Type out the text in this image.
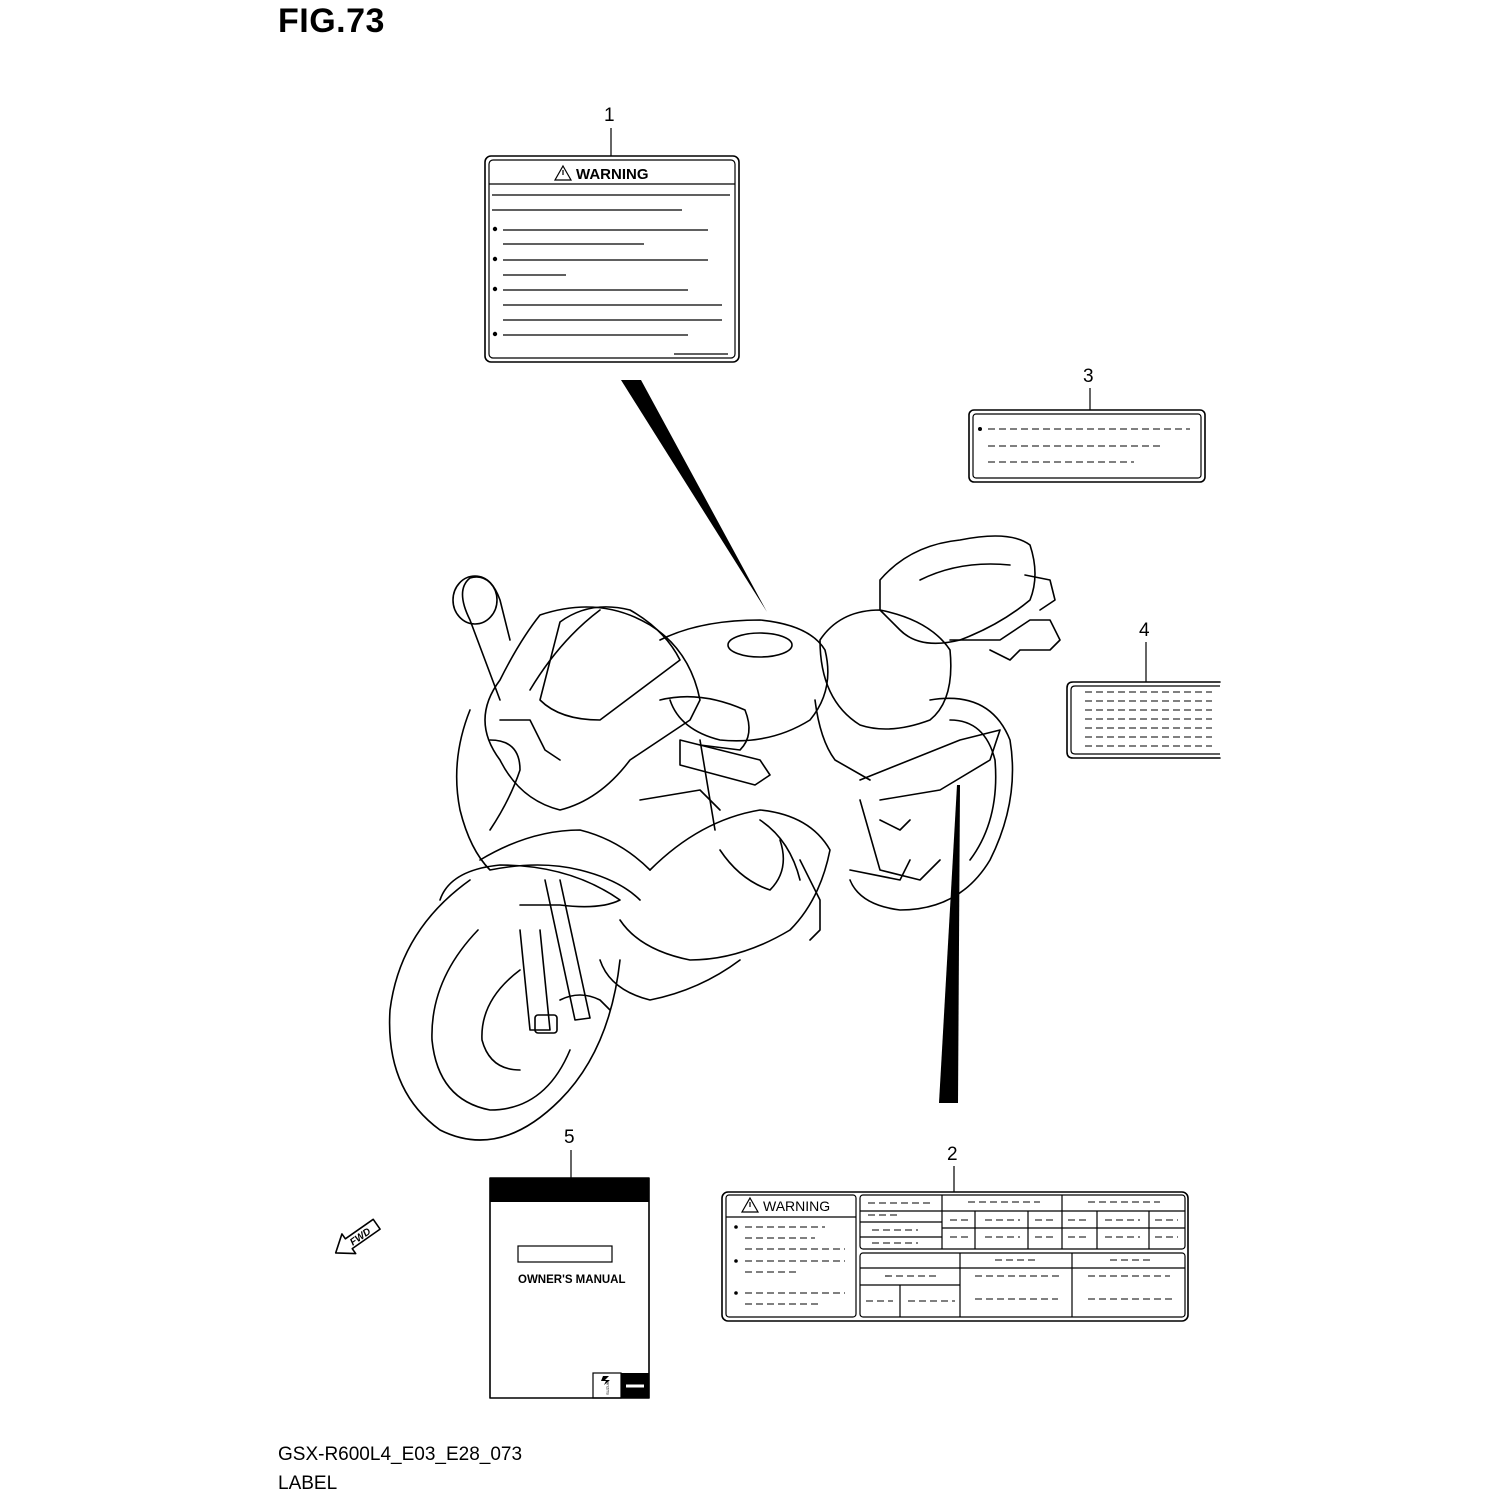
FIG.73
GSX-R600L4_E03_E28_073
LABEL
1
WARNING
3
4
FWD
5
OWNER'S MANUAL
SUZUKI
2
WARNING
